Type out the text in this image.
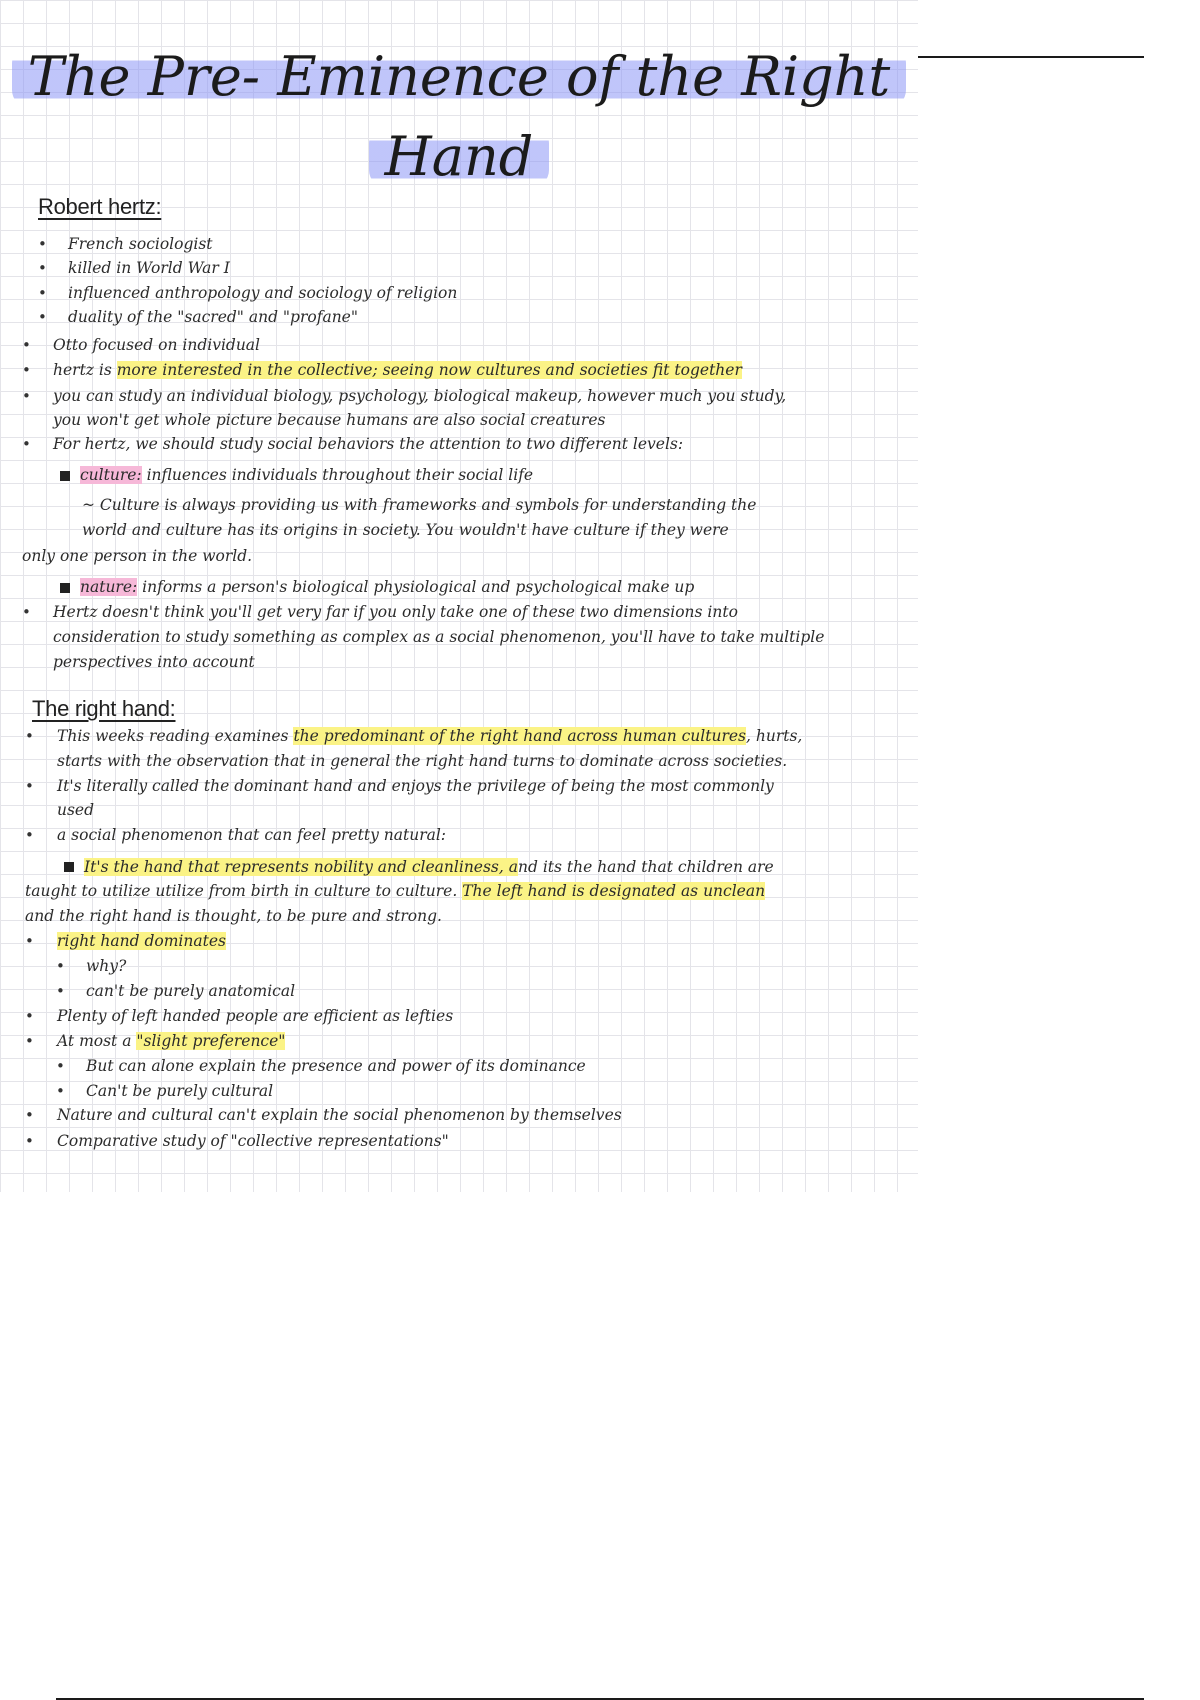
The Pre- Eminence of the Right
Hand
Robert hertz:
• French sociologist
• killed in World War I
• influenced anthropology and sociology of religion
• duality of the "sacred" and "profane"
• Otto focused on individual
• hertz is more interested in the collective; seeing now cultures and societies fit together
• you can study an individual biology, psychology, biological makeup, however much you study,
you won't get whole picture because humans are also social creatures
• For hertz, we should study social behaviors the attention to two different levels:
culture: influences individuals throughout their social life
~ Culture is always providing us with frameworks and symbols for understanding the
world and culture has its origins in society. You wouldn't have culture if they were
only one person in the world.
nature: informs a person's biological physiological and psychological make up
• Hertz doesn't think you'll get very far if you only take one of these two dimensions into
consideration to study something as complex as a social phenomenon, you'll have to take multiple
perspectives into account
The right hand:
• This weeks reading examines the predominant of the right hand across human cultures, hurts,
starts with the observation that in general the right hand turns to dominate across societies.
• It's literally called the dominant hand and enjoys the privilege of being the most commonly
used
• a social phenomenon that can feel pretty natural:
It's the hand that represents nobility and cleanliness, and its the hand that children are
taught to utilize utilize from birth in culture to culture. The left hand is designated as unclean
and the right hand is thought, to be pure and strong.
• right hand dominates
• why?
• can't be purely anatomical
• Plenty of left handed people are efficient as lefties
• At most a "slight preference"
• But can alone explain the presence and power of its dominance
• Can't be purely cultural
• Nature and cultural can't explain the social phenomenon by themselves
• Comparative study of "collective representations"
